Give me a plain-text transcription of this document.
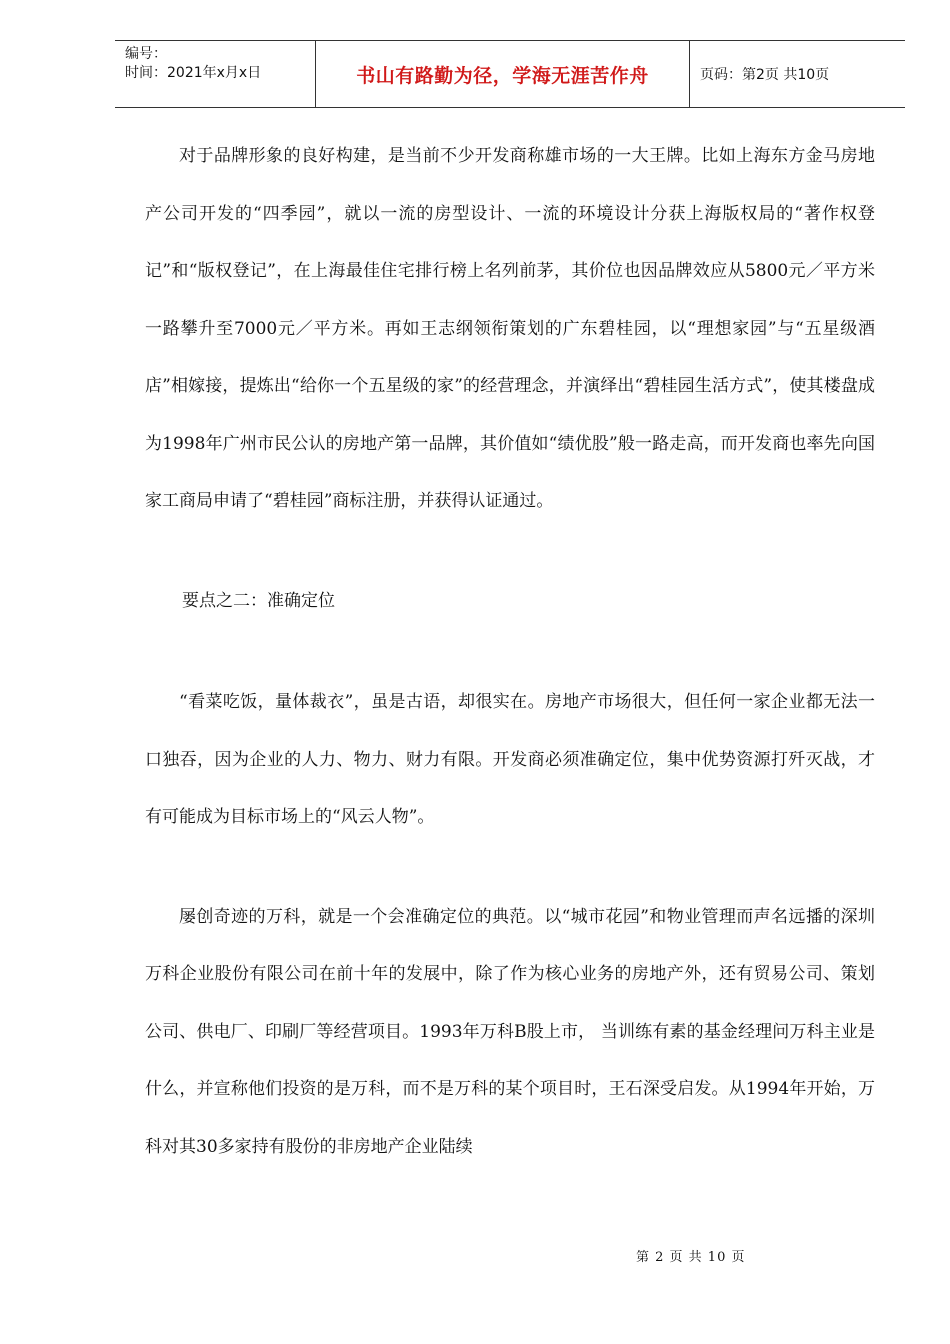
编号：
时间：2021年x月x日	书山有路勤为径，学海无涯苦作舟	页码：第2页 共10页

对于品牌形象的良好构建，是当前不少开发商称雄市场的一大王牌。比如上海东方金马房地产公司开发的“四季园”，就以一流的房型设计、一流的环境设计分获上海版权局的“著作权登记”和“版权登记”，在上海最佳住宅排行榜上名列前茅，其价位也因品牌效应从5800元／平方米一路攀升至7000元／平方米。再如王志纲领衔策划的广东碧桂园，以“理想家园”与“五星级酒店”相嫁接，提炼出“给你一个五星级的家”的经营理念，并演绎出“碧桂园生活方式”，使其楼盘成为1998年广州市民公认的房地产第一品牌，其价值如“绩优股”般一路走高，而开发商也率先向国家工商局申请了“碧桂园”商标注册，并获得认证通过。

要点之二：准确定位

“看菜吃饭，量体裁衣”，虽是古语，却很实在。房地产市场很大，但任何一家企业都无法一口独吞，因为企业的人力、物力、财力有限。开发商必须准确定位，集中优势资源打歼灭战，才有可能成为目标市场上的“风云人物”。

屡创奇迹的万科，就是一个会准确定位的典范。以“城市花园”和物业管理而声名远播的深圳万科企业股份有限公司在前十年的发展中，除了作为核心业务的房地产外，还有贸易公司、策划公司、供电厂、印刷厂等经营项目。1993年万科B股上市， 当训练有素的基金经理问万科主业是什么，并宣称他们投资的是万科，而不是万科的某个项目时，王石深受启发。从1994年开始，万科对其30多家持有股份的非房地产企业陆续

第 2 页 共 10 页
